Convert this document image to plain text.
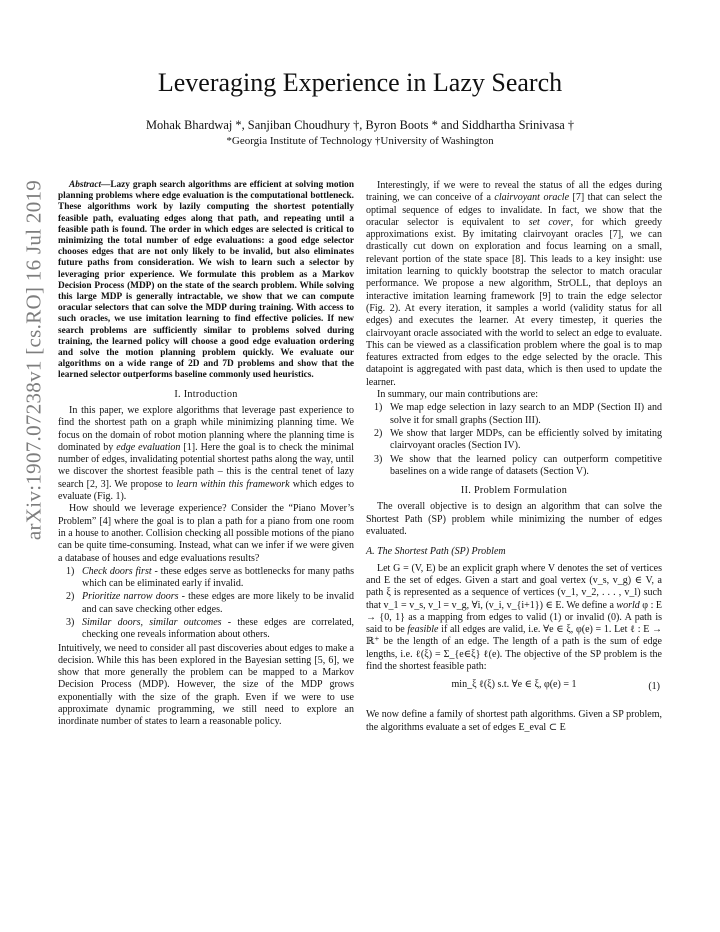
arXiv:1907.07238v1 [cs.RO] 16 Jul 2019
Leveraging Experience in Lazy Search
Mohak Bhardwaj *, Sanjiban Choudhury †, Byron Boots * and Siddhartha Srinivasa †
*Georgia Institute of Technology †University of Washington

Abstract—Lazy graph search algorithms are efficient at solving motion planning problems where edge evaluation is the computational bottleneck. These algorithms work by lazily computing the shortest potentially feasible path, evaluating edges along that path, and repeating until a feasible path is found. The order in which edges are selected is critical to minimizing the total number of edge evaluations: a good edge selector chooses edges that are not only likely to be invalid, but also eliminates future paths from consideration. We wish to learn such a selector by leveraging prior experience. We formulate this problem as a Markov Decision Process (MDP) on the state of the search problem. While solving this large MDP is generally intractable, we show that we can compute oracular selectors that can solve the MDP during training. With access to such oracles, we use imitation learning to find effective policies. If new search problems are sufficiently similar to problems solved during training, the learned policy will choose a good edge evaluation ordering and solve the motion planning problem quickly. We evaluate our algorithms on a wide range of 2D and 7D problems and show that the learned selector outperforms baseline commonly used heuristics.

I. Introduction

In this paper, we explore algorithms that leverage past experience to find the shortest path on a graph while minimizing planning time. We focus on the domain of robot motion planning where the planning time is dominated by edge evaluation [1]. Here the goal is to check the minimal number of edges, invalidating potential shortest paths along the way, until we discover the shortest feasible path – this is the central tenet of lazy search [2, 3]. We propose to learn within this framework which edges to evaluate (Fig. 1).

How should we leverage experience? Consider the “Piano Mover’s Problem” [4] where the goal is to plan a path for a piano from one room in a house to another. Collision checking all possible motions of the piano can be quite time-consuming. Instead, what can we infer if we were given a database of houses and edge evaluations results?

1) Check doors first - these edges serve as bottlenecks for many paths which can be eliminated early if invalid.
2) Prioritize narrow doors - these edges are more likely to be invalid and can save checking other edges.
3) Similar doors, similar outcomes - these edges are correlated, checking one reveals information about others.

Intuitively, we need to consider all past discoveries about edges to make a decision. While this has been explored in the Bayesian setting [5, 6], we show that more generally the problem can be mapped to a Markov Decision Process (MDP). However, the size of the MDP grows exponentially with the size of the graph. Even if we were to use approximate dynamic programming, we still need to explore an inordinate number of states to learn a reasonable policy.

Interestingly, if we were to reveal the status of all the edges during training, we can conceive of a clairvoyant oracle [7] that can select the optimal sequence of edges to invalidate. In fact, we show that the oracular selector is equivalent to set cover, for which greedy approximations exist. By imitating clairvoyant oracles [7], we can drastically cut down on exploration and focus learning on a small, relevant portion of the state space [8]. This leads to a key insight: use imitation learning to quickly bootstrap the selector to match oracular performance. We propose a new algorithm, StrOLL, that deploys an interactive imitation learning framework [9] to train the edge selector (Fig. 2). At every iteration, it samples a world (validity status for all edges) and executes the learner. At every timestep, it queries the clairvoyant oracle associated with the world to select an edge to evaluate. This can be viewed as a classification problem where the goal is to map features extracted from edges to the edge selected by the oracle. This datapoint is aggregated with past data, which is then used to update the learner.

In summary, our main contributions are:

1) We map edge selection in lazy search to an MDP (Section II) and solve it for small graphs (Section III).
2) We show that larger MDPs, can be efficiently solved by imitating clairvoyant oracles (Section IV).
3) We show that the learned policy can outperform competitive baselines on a wide range of datasets (Section V).
II. Problem Formulation

The overall objective is to design an algorithm that can solve the Shortest Path (SP) problem while minimizing the number of edges evaluated.

A. The Shortest Path (SP) Problem

Let G = (V, E) be an explicit graph where V denotes the set of vertices and E the set of edges. Given a start and goal vertex (v_s, v_g) ∈ V, a path ξ is represented as a sequence of vertices (v_1, v_2, . . . , v_l) such that v_1 = v_s, v_l = v_g, ∀i, (v_i, v_{i+1}) ∈ E. We define a world φ : E → {0, 1} as a mapping from edges to valid (1) or invalid (0). A path is said to be feasible if all edges are valid, i.e. ∀e ∈ ξ, φ(e) = 1. Let ℓ : E → ℝ⁺ be the length of an edge. The length of a path is the sum of edge lengths, i.e. ℓ(ξ) = Σ_{e∈ξ} ℓ(e). The objective of the SP problem is the find the shortest feasible path:

min_ξ ℓ(ξ) s.t. ∀e ∈ ξ, φ(e) = 1	(1)

We now define a family of shortest path algorithms. Given a SP problem, the algorithms evaluate a set of edges E_eval ⊂ E
